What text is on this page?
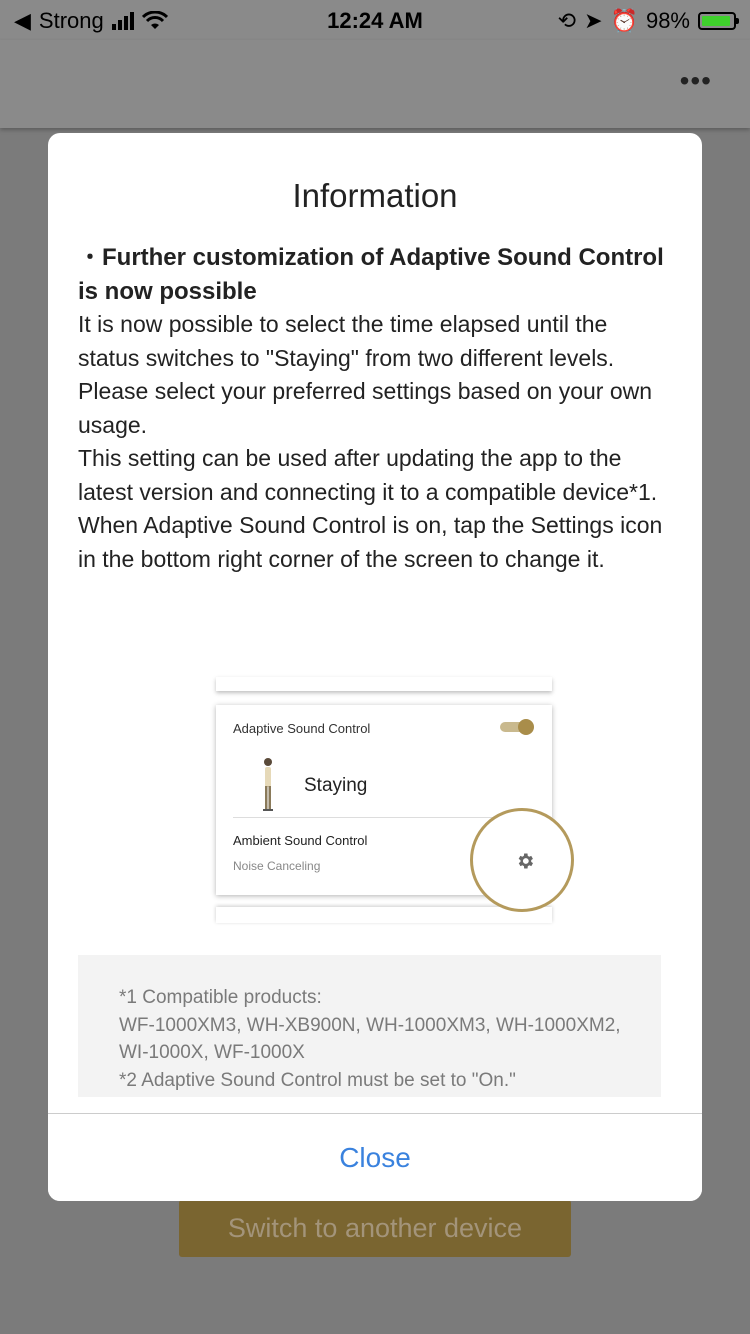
◀ Strong	12:24 AM	⟲ ➤ ⏰ 98%
•••
Switch to another device
Information

・Further customization of Adaptive Sound Control is now possible

It is now possible to select the time elapsed until the status switches to "Staying" from two different levels. Please select your preferred settings based on your own usage.

This setting can be used after updating the app to the latest version and connecting it to a compatible device*1.

When Adaptive Sound Control is on, tap the Settings icon in the bottom right corner of the screen to change it.

Adaptive Sound Control
Staying
Ambient Sound Control
Noise Canceling

*1 Compatible products:

WF-1000XM3, WH-XB900N, WH-1000XM3, WH-1000XM2, WI-1000X, WF-1000X

*2 Adaptive Sound Control must be set to "On."

Close
